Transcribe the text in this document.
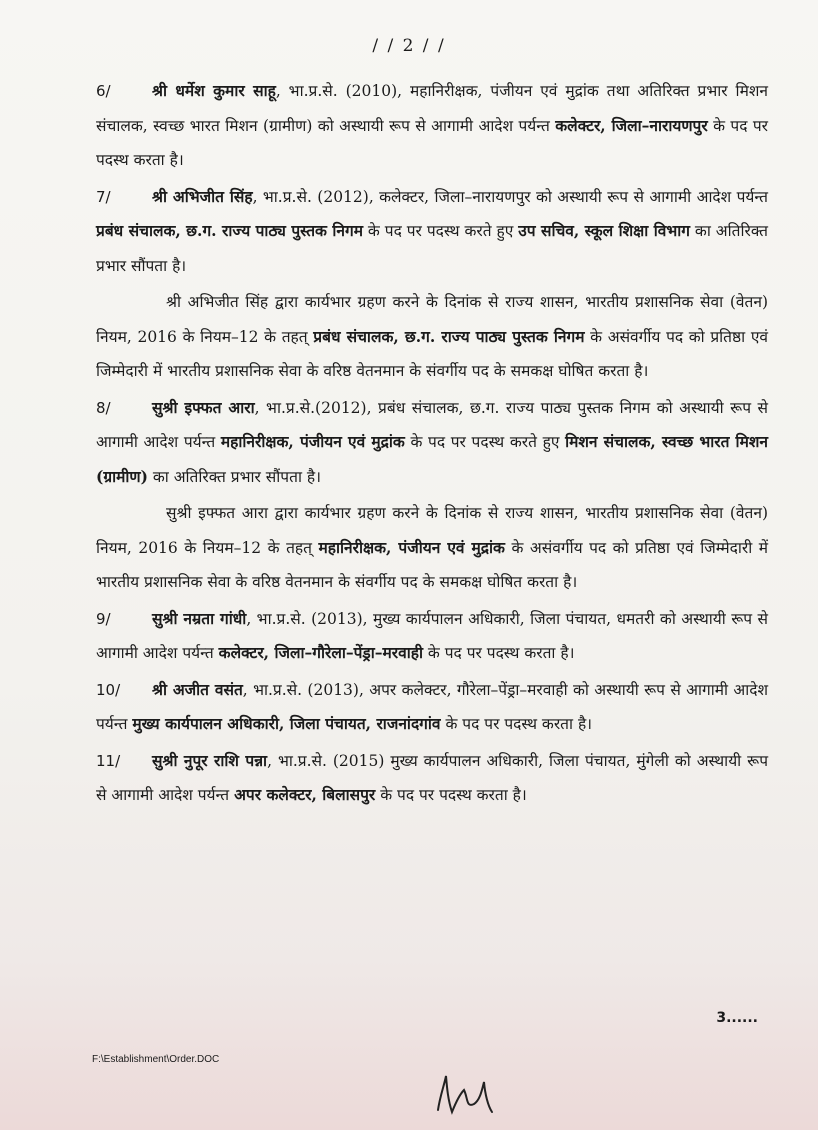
/ / 2 / /

6/	श्री धर्मेश कुमार साहू, भा.प्र.से. (2010), महानिरीक्षक, पंजीयन एवं मुद्रांक तथा अतिरिक्त प्रभार मिशन संचालक, स्वच्छ भारत मिशन (ग्रामीण) को अस्थायी रूप से आगामी आदेश पर्यन्त कलेक्टर, जिला–नारायणपुर के पद पर पदस्थ करता है।

7/	श्री अभिजीत सिंह, भा.प्र.से. (2012), कलेक्टर, जिला–नारायणपुर को अस्थायी रूप से आगामी आदेश पर्यन्त प्रबंध संचालक, छ.ग. राज्य पाठ्य पुस्तक निगम के पद पर पदस्थ करते हुए उप सचिव, स्कूल शिक्षा विभाग का अतिरिक्त प्रभार सौंपता है।

श्री अभिजीत सिंह द्वारा कार्यभार ग्रहण करने के दिनांक से राज्य शासन, भारतीय प्रशासनिक सेवा (वेतन) नियम, 2016 के नियम–12 के तहत् प्रबंध संचालक, छ.ग. राज्य पाठ्य पुस्तक निगम के असंवर्गीय पद को प्रतिष्ठा एवं जिम्मेदारी में भारतीय प्रशासनिक सेवा के वरिष्ठ वेतनमान के संवर्गीय पद के समकक्ष घोषित करता है।

8/	सुश्री इफ्फत आरा, भा.प्र.से.(2012), प्रबंध संचालक, छ.ग. राज्य पाठ्य पुस्तक निगम को अस्थायी रूप से आगामी आदेश पर्यन्त महानिरीक्षक, पंजीयन एवं मुद्रांक के पद पर पदस्थ करते हुए मिशन संचालक, स्वच्छ भारत मिशन (ग्रामीण) का अतिरिक्त प्रभार सौंपता है।

सुश्री इफ्फत आरा द्वारा कार्यभार ग्रहण करने के दिनांक से राज्य शासन, भारतीय प्रशासनिक सेवा (वेतन) नियम, 2016 के नियम–12 के तहत् महानिरीक्षक, पंजीयन एवं मुद्रांक के असंवर्गीय पद को प्रतिष्ठा एवं जिम्मेदारी में भारतीय प्रशासनिक सेवा के वरिष्ठ वेतनमान के संवर्गीय पद के समकक्ष घोषित करता है।

9/	सुश्री नम्रता गांधी, भा.प्र.से. (2013), मुख्य कार्यपालन अधिकारी, जिला पंचायत, धमतरी को अस्थायी रूप से आगामी आदेश पर्यन्त कलेक्टर, जिला–गौरेला–पेंड्रा–मरवाही के पद पर पदस्थ करता है।

10/ श्री अजीत वसंत, भा.प्र.से. (2013), अपर कलेक्टर, गौरेला–पेंड्रा–मरवाही को अस्थायी रूप से आगामी आदेश पर्यन्त मुख्य कार्यपालन अधिकारी, जिला पंचायत, राजनांदगांव के पद पर पदस्थ करता है।

11/ सुश्री नुपूर राशि पन्ना, भा.प्र.से. (2015) मुख्य कार्यपालन अधिकारी, जिला पंचायत, मुंगेली को अस्थायी रूप से आगामी आदेश पर्यन्त अपर कलेक्टर, बिलासपुर के पद पर पदस्थ करता है।

3......
F:\Establishment\Order.DOC
